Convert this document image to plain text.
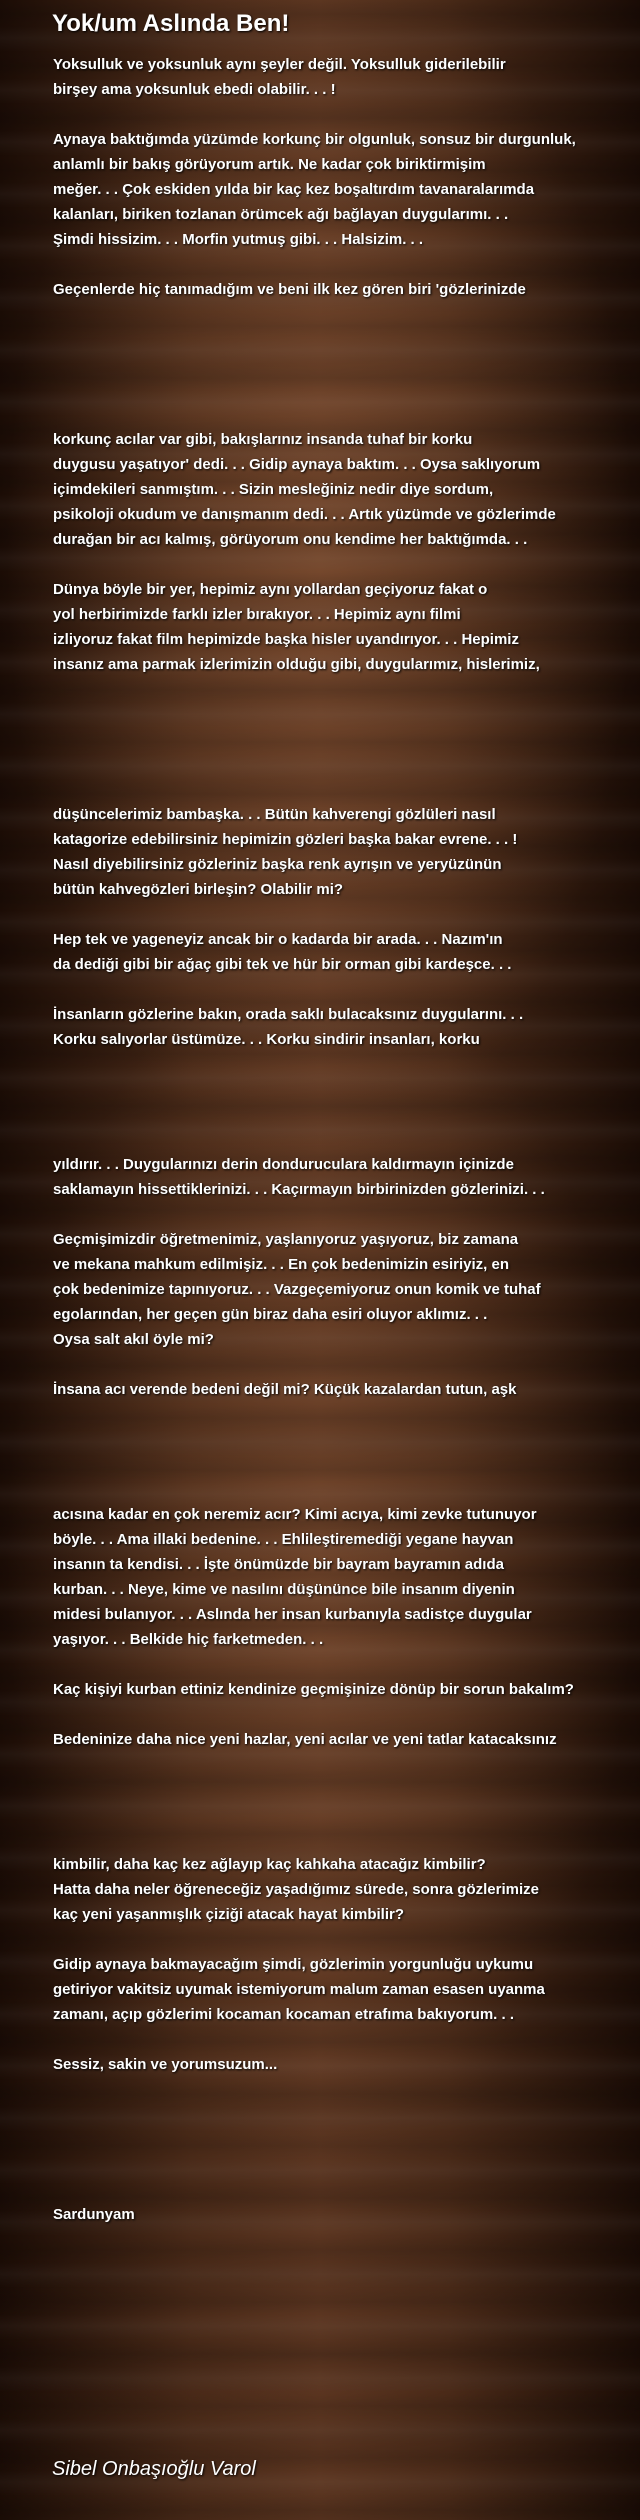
Yok/um Aslında Ben!
Yoksulluk ve yoksunluk aynı şeyler değil. Yoksulluk giderilebilir
birşey ama yoksunluk ebedi olabilir. . . !
Aynaya baktığımda yüzümde korkunç bir olgunluk, sonsuz bir durgunluk,
anlamlı bir bakış görüyorum artık. Ne kadar çok biriktirmişim
meğer. . . Çok eskiden yılda bir kaç kez boşaltırdım tavanaralarımda
kalanları, biriken tozlanan örümcek ağı bağlayan duygularımı. . .
Şimdi hissizim. . . Morfin yutmuş gibi. . . Halsizim. . .
Geçenlerde hiç tanımadığım ve beni ilk kez gören biri 'gözlerinizde
korkunç acılar var gibi, bakışlarınız insanda tuhaf bir korku
duygusu yaşatıyor' dedi. . . Gidip aynaya baktım. . . Oysa saklıyorum
içimdekileri sanmıştım. . . Sizin mesleğiniz nedir diye sordum,
psikoloji okudum ve danışmanım dedi. . . Artık yüzümde ve gözlerimde
durağan bir acı kalmış, görüyorum onu kendime her baktığımda. . .
Dünya böyle bir yer, hepimiz aynı yollardan geçiyoruz fakat o
yol herbirimizde farklı izler bırakıyor. . . Hepimiz aynı filmi
izliyoruz fakat film hepimizde başka hisler uyandırıyor. . . Hepimiz
insanız ama parmak izlerimizin olduğu gibi, duygularımız, hislerimiz,
düşüncelerimiz bambaşka. . . Bütün kahverengi gözlüleri nasıl
katagorize edebilirsiniz hepimizin gözleri başka bakar evrene. . . !
Nasıl diyebilirsiniz gözleriniz başka renk ayrışın ve yeryüzünün
bütün kahvegözleri birleşin? Olabilir mi?
Hep tek ve yageneyiz ancak bir o kadarda bir arada. . . Nazım'ın
da dediği gibi bir ağaç gibi tek ve hür bir orman gibi kardeşce. . .
İnsanların gözlerine bakın, orada saklı bulacaksınız duygularını. . .
Korku salıyorlar üstümüze. . . Korku sindirir insanları, korku
yıldırır. . . Duygularınızı derin donduruculara kaldırmayın içinizde
saklamayın hissettiklerinizi. . . Kaçırmayın birbirinizden gözlerinizi. . .
Geçmişimizdir öğretmenimiz, yaşlanıyoruz yaşıyoruz, biz zamana
ve mekana mahkum edilmişiz. . . En çok bedenimizin esiriyiz, en
çok bedenimize tapınıyoruz. . . Vazgeçemiyoruz onun komik ve tuhaf
egolarından, her geçen gün biraz daha esiri oluyor aklımız. . .
Oysa salt akıl öyle mi?
İnsana acı verende bedeni değil mi? Küçük kazalardan tutun, aşk
acısına kadar en çok neremiz acır? Kimi acıya, kimi zevke tutunuyor
böyle. . . Ama illaki bedenine. . . Ehlileştiremediği yegane hayvan
insanın ta kendisi. . . İşte önümüzde bir bayram bayramın adıda
kurban. . . Neye, kime ve nasılını düşününce bile insanım diyenin
midesi bulanıyor. . . Aslında her insan kurbanıyla sadistçe duygular
yaşıyor. . . Belkide hiç farketmeden. . .
Kaç kişiyi kurban ettiniz kendinize geçmişinize dönüp bir sorun bakalım?
Bedeninize daha nice yeni hazlar, yeni acılar ve yeni tatlar katacaksınız
kimbilir, daha kaç kez ağlayıp kaç kahkaha atacağız kimbilir?
Hatta daha neler öğreneceğiz yaşadığımız sürede, sonra gözlerimize
kaç yeni yaşanmışlık çiziği atacak hayat kimbilir?
Gidip aynaya bakmayacağım şimdi, gözlerimin yorgunluğu uykumu
getiriyor vakitsiz uyumak istemiyorum malum zaman esasen uyanma
zamanı, açıp gözlerimi kocaman kocaman etrafıma bakıyorum. . .
Sessiz, sakin ve yorumsuzum...
Sardunyam
Sibel Onbaşıoğlu Varol
